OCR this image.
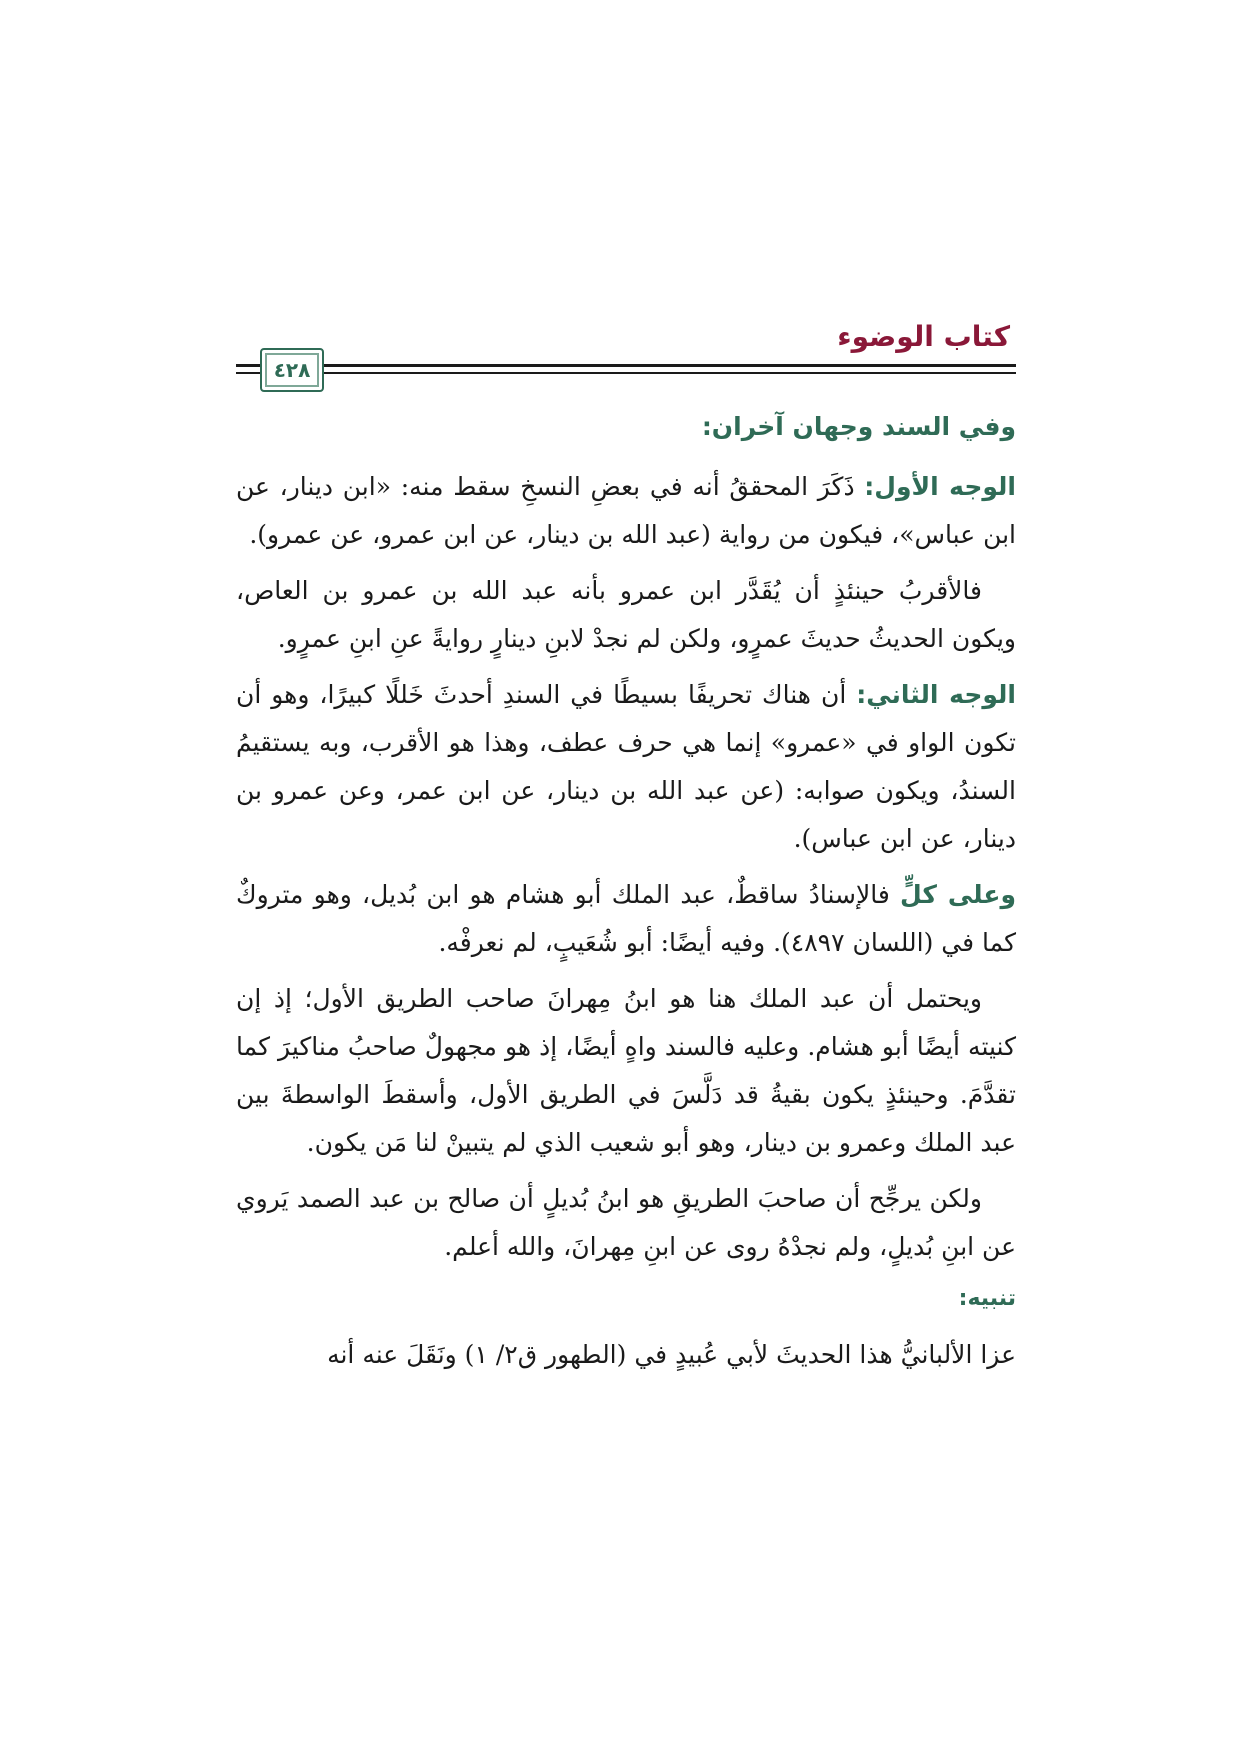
كتاب الوضوء
٤٢٨
وفي السند وجهان آخران:

الوجه الأول: ذَكَرَ المحققُ أنه في بعضِ النسخِ سقط منه: «ابن دينار، عن ابن عباس»، فيكون من رواية (عبد الله بن دينار، عن ابن عمرو، عن عمرو).

فالأقربُ حينئذٍ أن يُقَدَّر ابن عمرو بأنه عبد الله بن عمرو بن العاص، ويكون الحديثُ حديثَ عمرٍو، ولكن لم نجدْ لابنِ دينارٍ روايةً عنِ ابنِ عمرٍو.

الوجه الثاني: أن هناك تحريفًا بسيطًا في السندِ أحدثَ خَللًا كبيرًا، وهو أن تكون الواو في «عمرو» إنما هي حرف عطف، وهذا هو الأقرب، وبه يستقيمُ السندُ، ويكون صوابه: (عن عبد الله بن دينار، عن ابن عمر، وعن عمرو بن دينار، عن ابن عباس).

وعلى كلٍّ فالإسنادُ ساقطٌ، عبد الملك أبو هشام هو ابن بُديل، وهو متروكٌ كما في (اللسان ٤٨٩٧). وفيه أيضًا: أبو شُعَيبٍ، لم نعرفْه.

ويحتمل أن عبد الملك هنا هو ابنُ مِهرانَ صاحب الطريق الأول؛ إذ إن كنيته أيضًا أبو هشام. وعليه فالسند واهٍ أيضًا، إذ هو مجهولٌ صاحبُ مناكيرَ كما تقدَّمَ. وحينئذٍ يكون بقيةُ قد دَلَّسَ في الطريق الأول، وأسقطَ الواسطةَ بين عبد الملك وعمرو بن دينار، وهو أبو شعيب الذي لم يتبينْ لنا مَن يكون.

ولكن يرجِّح أن صاحبَ الطريقِ هو ابنُ بُديلٍ أن صالح بن عبد الصمد يَروي عن ابنِ بُديلٍ، ولم نجدْهُ روى عن ابنِ مِهرانَ، والله أعلم.

تنبيه:

عزا الألبانيُّ هذا الحديثَ لأبي عُبيدٍ في (الطهور ق٢/ ١) ونَقَلَ عنه أنه
